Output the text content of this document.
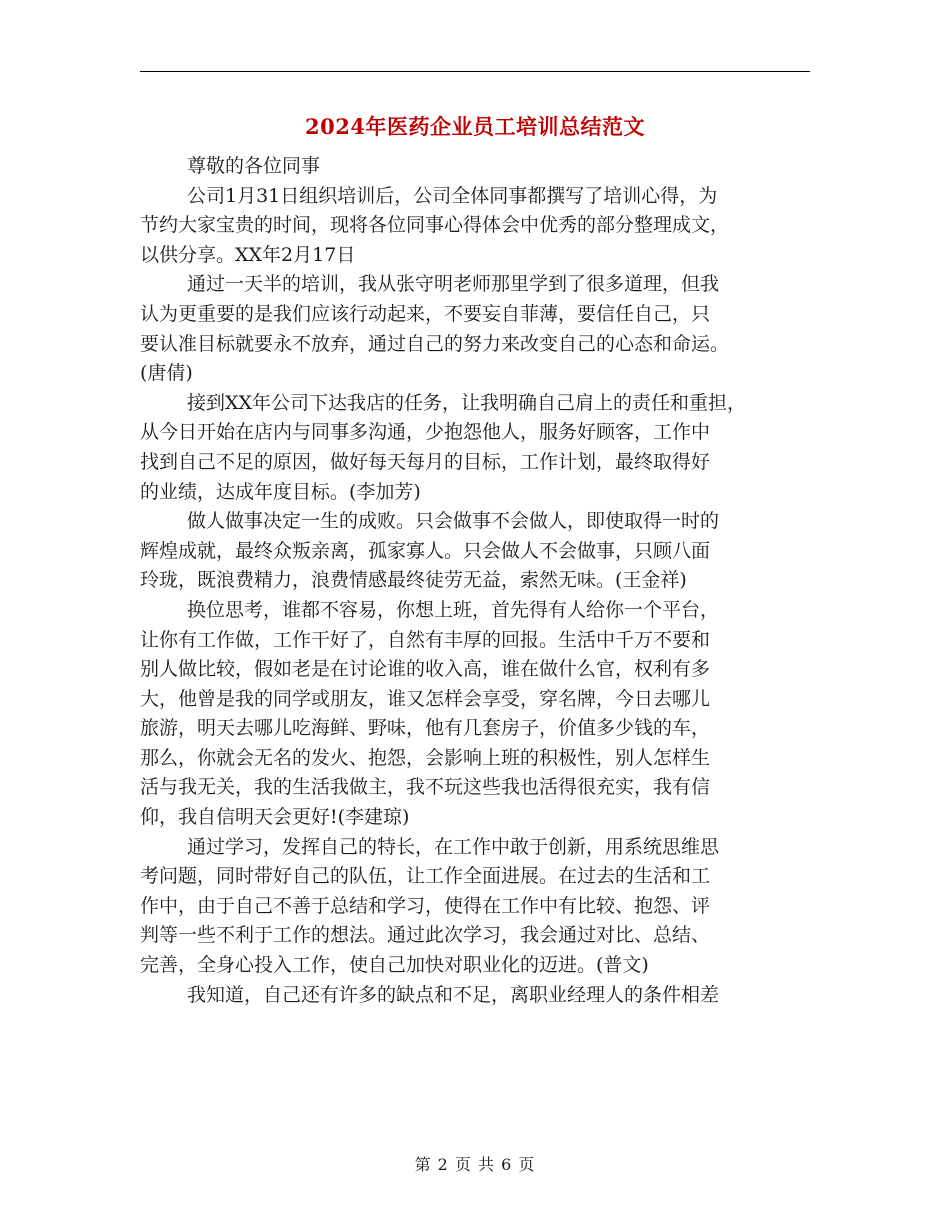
2024年医药企业员工培训总结范文
尊敬的各位同事
公司1月31日组织培训后，公司全体同事都撰写了培训心得，为
节约大家宝贵的时间，现将各位同事心得体会中优秀的部分整理成文，
以供分享。XX年2月17日
通过一天半的培训，我从张守明老师那里学到了很多道理，但我
认为更重要的是我们应该行动起来，不要妄自菲薄，要信任自己，只
要认准目标就要永不放弃，通过自己的努力来改变自己的心态和命运。
(唐倩)
接到XX年公司下达我店的任务，让我明确自己肩上的责任和重担，
从今日开始在店内与同事多沟通，少抱怨他人，服务好顾客，工作中
找到自己不足的原因，做好每天每月的目标，工作计划，最终取得好
的业绩，达成年度目标。(李加芳)
做人做事决定一生的成败。只会做事不会做人，即使取得一时的
辉煌成就，最终众叛亲离，孤家寡人。只会做人不会做事，只顾八面
玲珑，既浪费精力，浪费情感最终徒劳无益，索然无味。(王金祥)
换位思考，谁都不容易，你想上班，首先得有人给你一个平台，
让你有工作做，工作干好了，自然有丰厚的回报。生活中千万不要和
别人做比较，假如老是在讨论谁的收入高，谁在做什么官，权利有多
大，他曾是我的同学或朋友，谁又怎样会享受，穿名牌，今日去哪儿
旅游，明天去哪儿吃海鲜、野味，他有几套房子，价值多少钱的车，
那么，你就会无名的发火、抱怨，会影响上班的积极性，别人怎样生
活与我无关，我的生活我做主，我不玩这些我也活得很充实，我有信
仰，我自信明天会更好!(李建琼)
通过学习，发挥自己的特长，在工作中敢于创新，用系统思维思
考问题，同时带好自己的队伍，让工作全面进展。在过去的生活和工
作中，由于自己不善于总结和学习，使得在工作中有比较、抱怨、评
判等一些不利于工作的想法。通过此次学习，我会通过对比、总结、
完善，全身心投入工作，使自己加快对职业化的迈进。(普文)
我知道，自己还有许多的缺点和不足，离职业经理人的条件相差
第 2 页 共 6 页
